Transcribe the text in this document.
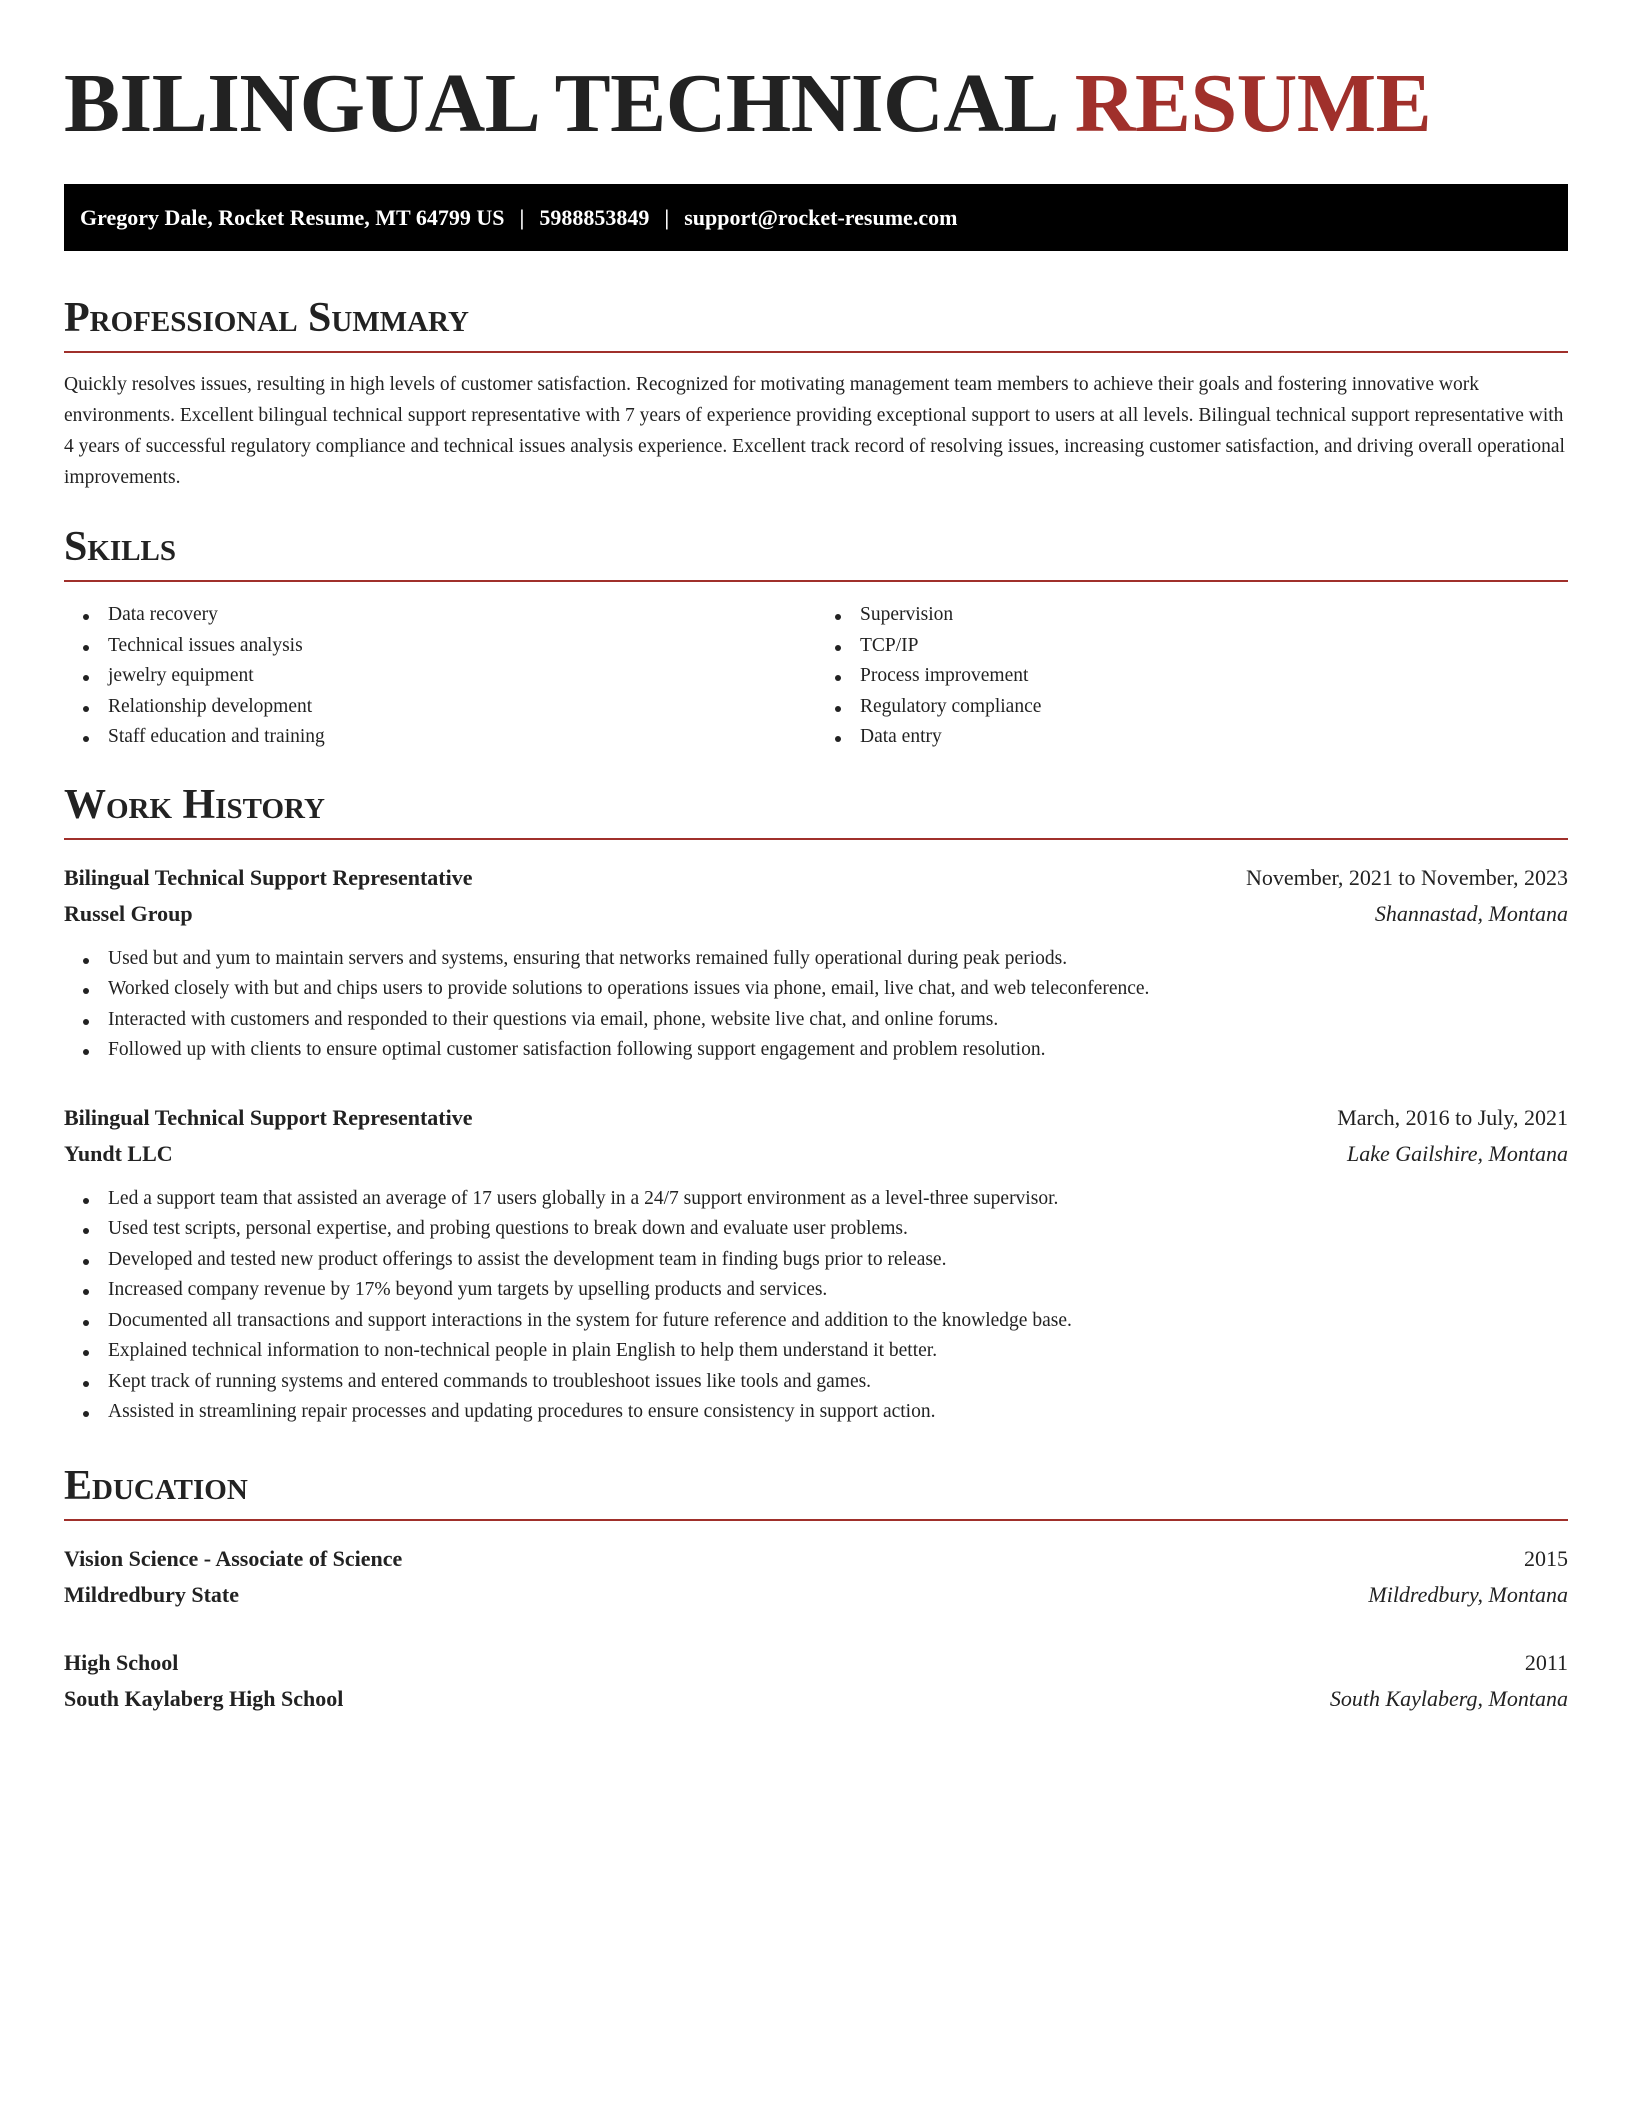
BILINGUAL TECHNICAL RESUME
Gregory Dale, Rocket Resume, MT 64799 US | 5988853849 | support@rocket-resume.com
Professional Summary

Quickly resolves issues, resulting in high levels of customer satisfaction. Recognized for motivating management team members to achieve their goals and fostering innovative work environments. Excellent bilingual technical support representative with 7 years of experience providing exceptional support to users at all levels. Bilingual technical support representative with 4 years of successful regulatory compliance and technical issues analysis experience. Excellent track record of resolving issues, increasing customer satisfaction, and driving overall operational improvements.

Skills
Data recovery
Technical issues analysis
jewelry equipment
Relationship development
Staff education and training
Supervision
TCP/IP
Process improvement
Regulatory compliance
Data entry
Work History
Bilingual Technical Support Representative	November, 2021 to November, 2023
Russel Group	Shannastad, Montana
Used but and yum to maintain servers and systems, ensuring that networks remained fully operational during peak periods.
Worked closely with but and chips users to provide solutions to operations issues via phone, email, live chat, and web teleconference.
Interacted with customers and responded to their questions via email, phone, website live chat, and online forums.
Followed up with clients to ensure optimal customer satisfaction following support engagement and problem resolution.
Bilingual Technical Support Representative	March, 2016 to July, 2021
Yundt LLC	Lake Gailshire, Montana
Led a support team that assisted an average of 17 users globally in a 24/7 support environment as a level-three supervisor.
Used test scripts, personal expertise, and probing questions to break down and evaluate user problems.
Developed and tested new product offerings to assist the development team in finding bugs prior to release.
Increased company revenue by 17% beyond yum targets by upselling products and services.
Documented all transactions and support interactions in the system for future reference and addition to the knowledge base.
Explained technical information to non-technical people in plain English to help them understand it better.
Kept track of running systems and entered commands to troubleshoot issues like tools and games.
Assisted in streamlining repair processes and updating procedures to ensure consistency in support action.
Education
Vision Science - Associate of Science	2015
Mildredbury State	Mildredbury, Montana
High School	2011
South Kaylaberg High School	South Kaylaberg, Montana
